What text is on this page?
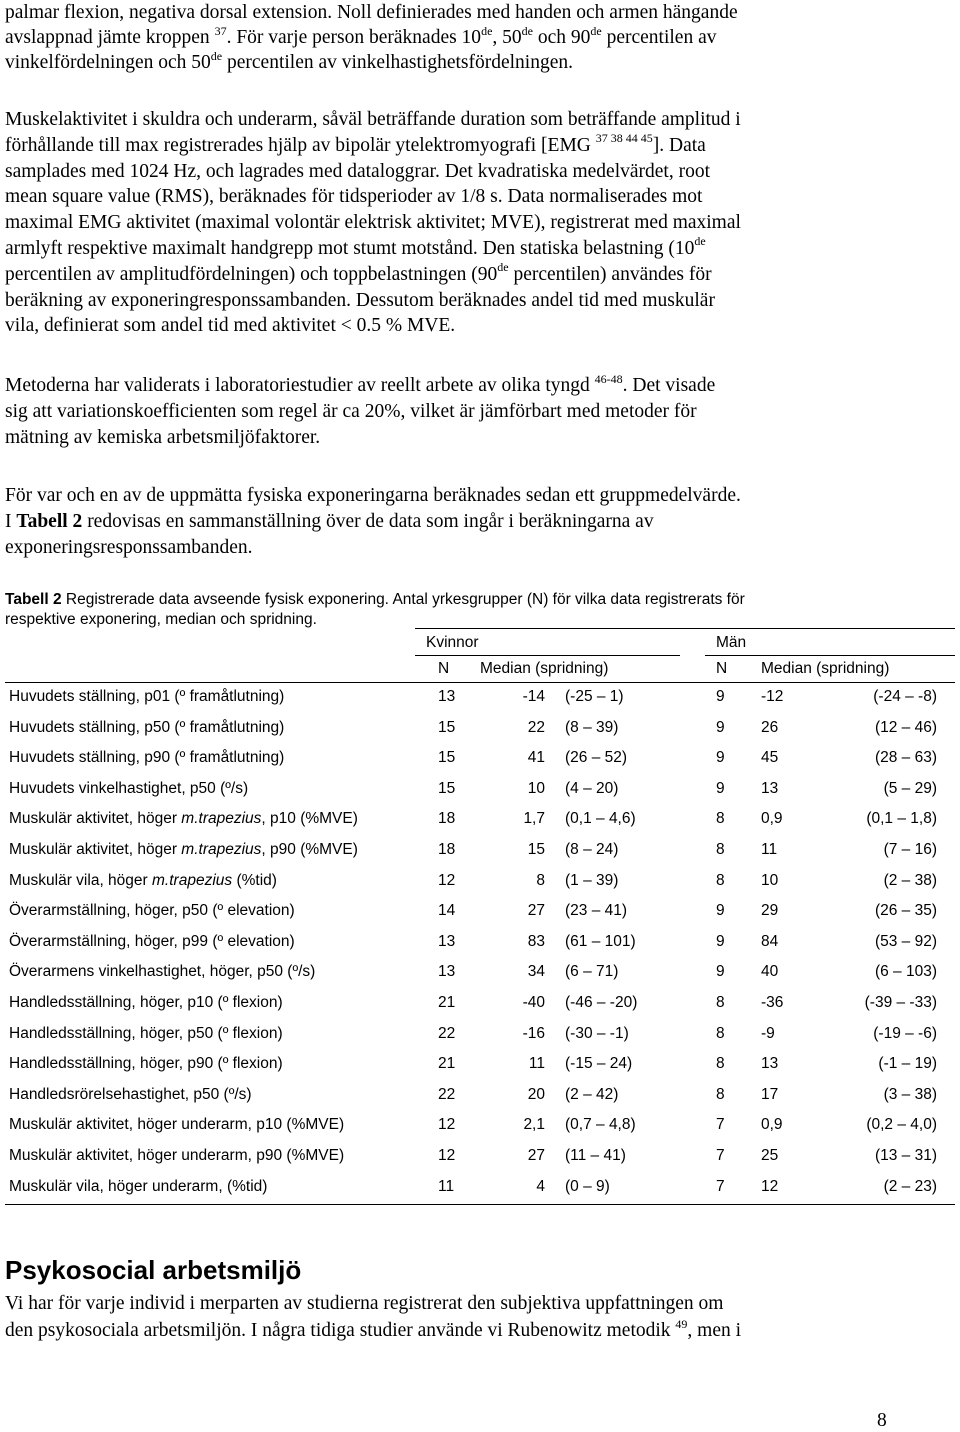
palmar flexion, negativa dorsal extension. Noll definierades med handen och armen hängande

avslappnad jämte kroppen $^{37}$. För varje person beräknades 10de, 50de och 90de percentilen av

vinkelfördelningen och 50de percentilen av vinkelhastighetsfördelningen.

Muskelaktivitet i skuldra och underarm, såväl beträffande duration som beträffande amplitud i

förhållande till max registrerades hjälp av bipolär ytelektromyografi [EMG $^{37 38 44 45}$]. Data

samplades med 1024 Hz, och lagrades med dataloggrar. Det kvadratiska medelvärdet, root

mean square value (RMS), beräknades för tidsperioder av 1/8 s. Data normaliserades mot

maximal EMG aktivitet (maximal volontär elektrisk aktivitet; MVE), registrerat med maximal

armlyft respektive maximalt handgrepp mot stumt motstånd. Den statiska belastning (10de

percentilen av amplitudfördelningen) och toppbelastningen (90de percentilen) användes för

beräkning av exponeringresponssambanden. Dessutom beräknades andel tid med muskulär

vila, definierat som andel tid med aktivitet < 0.5 % MVE.

Metoderna har validerats i laboratoriestudier av reellt arbete av olika tyngd $^{46-48}$. Det visade

sig att variationskoefficienten som regel är ca 20%, vilket är jämförbart med metoder för

mätning av kemiska arbetsmiljöfaktorer.

För var och en av de uppmätta fysiska exponeringarna beräknades sedan ett gruppmedelvärde.

I Tabell 2 redovisas en sammanställning över de data som ingår i beräkningarna av

exponeringsresponssambanden.

Tabell 2 Registrerade data avseende fysisk exponering. Antal yrkesgrupper (N) för vilka data registrerats för

respektive exponering, median och spridning.

Kvinnor	Män
N Median (spridning)	N Median (spridning)
Huvudets ställning, p01 (º framåtlutning)	13	-14 (-25 – 1)	9 -12	(-24 – -8)
Huvudets ställning, p50 (º framåtlutning)	15	22 (8 – 39)	9 26	(12 – 46)
Huvudets ställning, p90 (º framåtlutning)	15	41 (26 – 52)	9 45	(28 – 63)
Huvudets vinkelhastighet, p50 (º/s)	15	10 (4 – 20)	9 13	(5 – 29)
Muskulär aktivitet, höger m.trapezius, p10 (%MVE)	18	1,7 (0,1 – 4,6)	8 0,9	(0,1 – 1,8)
Muskulär aktivitet, höger m.trapezius, p90 (%MVE)	18	15 (8 – 24)	8 11	(7 – 16)
Muskulär vila, höger m.trapezius (%tid)	12	8 (1 – 39)	8 10	(2 – 38)
Överarmställning, höger, p50 (º elevation)	14	27 (23 – 41)	9 29	(26 – 35)
Överarmställning, höger, p99 (º elevation)	13	83 (61 – 101)	9 84	(53 – 92)
Överarmens vinkelhastighet, höger, p50 (º/s)	13	34 (6 – 71)	9 40	(6 – 103)
Handledsställning, höger, p10 (º flexion)	21	-40 (-46 – -20)	8 -36	(-39 – -33)
Handledsställning, höger, p50 (º flexion)	22	-16 (-30 – -1)	8 -9	(-19 – -6)
Handledsställning, höger, p90 (º flexion)	21	11 (-15 – 24)	8 13	(-1 – 19)
Handledsrörelsehastighet, p50 (º/s)	22	20 (2 – 42)	8 17	(3 – 38)
Muskulär aktivitet, höger underarm, p10 (%MVE)	12	2,1 (0,7 – 4,8)	7 0,9	(0,2 – 4,0)
Muskulär aktivitet, höger underarm, p90 (%MVE)	12	27 (11 – 41)	7 25	(13 – 31)
Muskulär vila, höger underarm, (%tid)	11	4 (0 – 9)	7 12	(2 – 23)
Psykosocial arbetsmiljö

Vi har för varje individ i merparten av studierna registrerat den subjektiva uppfattningen om

den psykosociala arbetsmiljön. I några tidiga studier använde vi Rubenowitz metodik $^{49}$, men i

8
